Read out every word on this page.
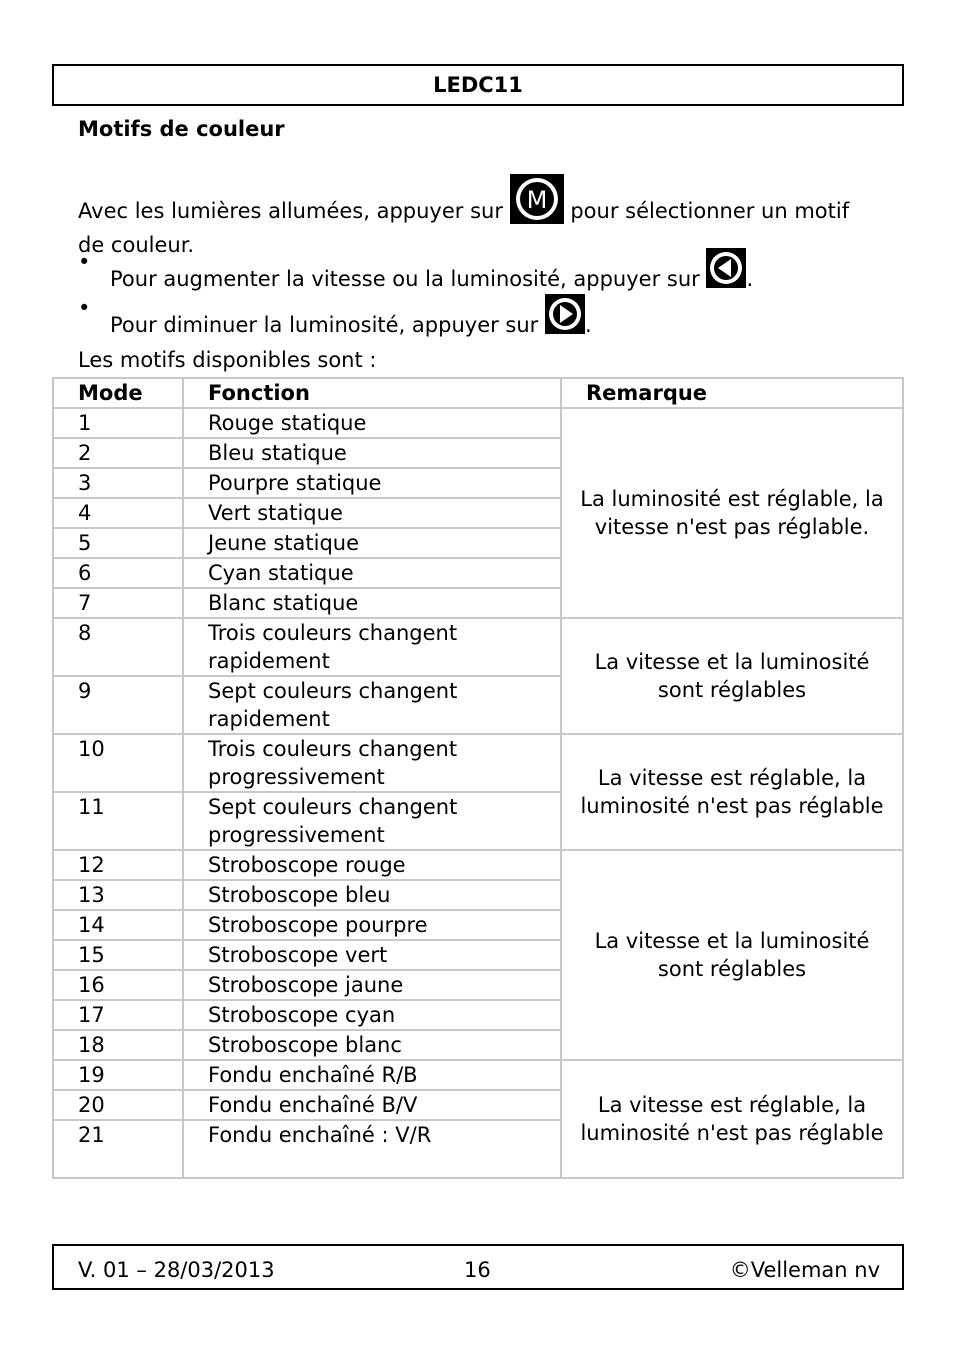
LEDC11
Motifs de couleur
Avec les lumières allumées, appuyer sur M pour sélectionner un motif de couleur.
•
Pour augmenter la vitesse ou la luminosité, appuyer sur .
•
Pour diminuer la luminosité, appuyer sur .
Les motifs disponibles sont :
Mode	Fonction	Remarque
1	Rouge statique	La luminosité est réglable, la vitesse n'est pas réglable.
2	Bleu statique	
3	Pourpre statique	
4	Vert statique	
5	Jeune statique	
6	Cyan statique	
7	Blanc statique	
8	Trois couleurs changent rapidement	La vitesse et la luminosité sont réglables
9	Sept couleurs changent rapidement	
10	Trois couleurs changent progressivement	La vitesse est réglable, la luminosité n'est pas réglable
11	Sept couleurs changent progressivement	
12	Stroboscope rouge	La vitesse et la luminosité sont réglables
13	Stroboscope bleu	
14	Stroboscope pourpre	
15	Stroboscope vert	
16	Stroboscope jaune	
17	Stroboscope cyan	
18	Stroboscope blanc	
19	Fondu enchaîné R/B	La vitesse est réglable, la luminosité n'est pas réglable
20	Fondu enchaîné B/V	
21	Fondu enchaîné : V/R	
V. 01 – 28/03/2013	16	©Velleman nv
